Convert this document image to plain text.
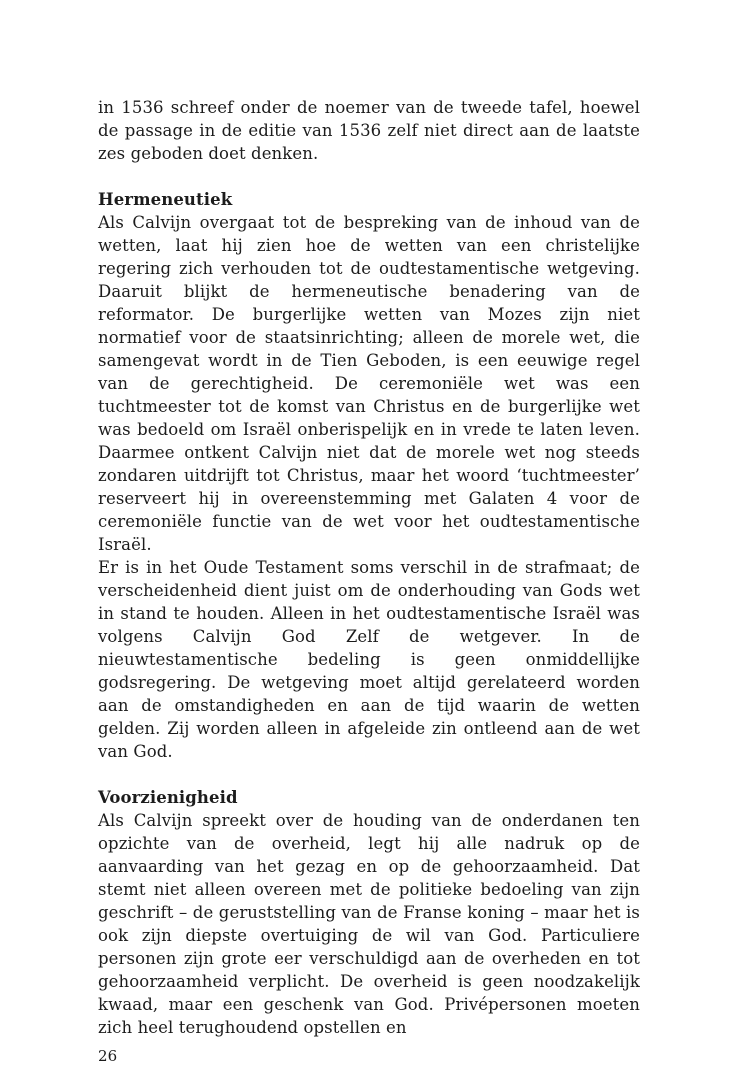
in 1536 schreef onder de noemer van de tweede tafel, hoewel de passage in de editie van 1536 zelf niet direct aan de laatste zes geboden doet denken.

Hermeneutiek

Als Calvijn overgaat tot de bespreking van de inhoud van de wetten, laat hij zien hoe de wetten van een christelijke regering zich verhouden tot de oudtestamentische wetgeving. Daaruit blijkt de hermeneutische benadering van de reformator. De burgerlijke wetten van Mozes zijn niet normatief voor de staatsinrichting; alleen de morele wet, die samengevat wordt in de Tien Geboden, is een eeuwige regel van de gerechtigheid. De ceremoniële wet was een tuchtmeester tot de komst van Christus en de burgerlijke wet was bedoeld om Israël onberispelijk en in vrede te laten leven. Daarmee ontkent Calvijn niet dat de morele wet nog steeds zondaren uitdrijft tot Christus, maar het woord ‘tuchtmeester’ reserveert hij in overeenstemming met Galaten 4 voor de ceremoniële functie van de wet voor het oudtestamentische Israël.

Er is in het Oude Testament soms verschil in de strafmaat; de verscheidenheid dient juist om de onderhouding van Gods wet in stand te houden. Alleen in het oudtestamentische Israël was volgens Calvijn God Zelf de wetgever. In de nieuwtestamentische bedeling is geen onmiddellijke godsregering. De wetgeving moet altijd gerelateerd worden aan de omstandigheden en aan de tijd waarin de wetten gelden. Zij worden alleen in afgeleide zin ontleend aan de wet van God.

Voorzienigheid

Als Calvijn spreekt over de houding van de onderdanen ten opzichte van de overheid, legt hij alle nadruk op de aanvaarding van het gezag en op de gehoorzaamheid. Dat stemt niet alleen overeen met de politieke bedoeling van zijn geschrift – de geruststelling van de Franse koning – maar het is ook zijn diepste overtuiging de wil van God. Particuliere personen zijn grote eer verschuldigd aan de overheden en tot gehoorzaamheid verplicht. De overheid is geen noodzakelijk kwaad, maar een geschenk van God. Privépersonen moeten zich heel terughoudend opstellen en

26
